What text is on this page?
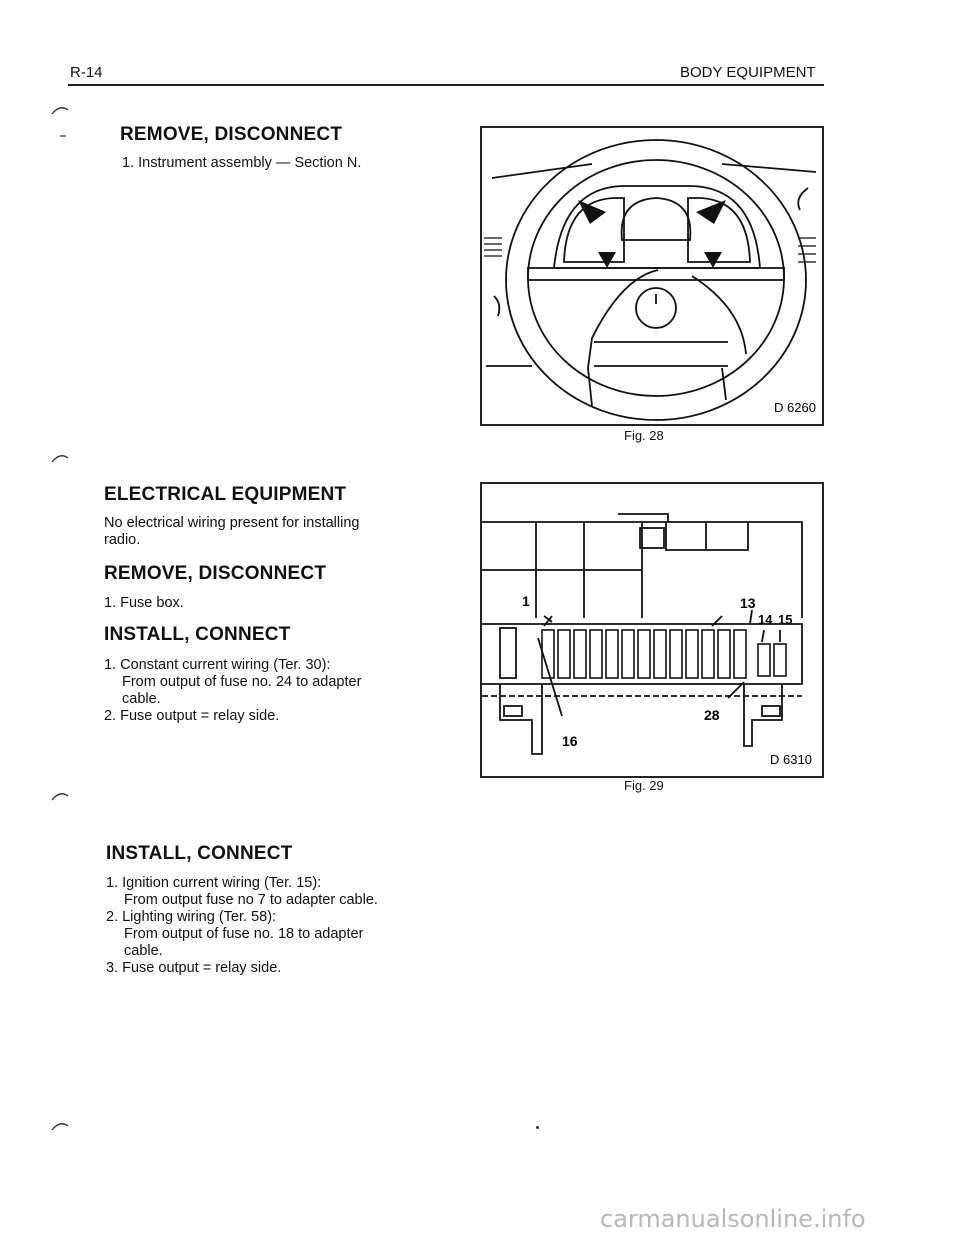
R-14	BODY EQUIPMENT
REMOVE, DISCONNECT
1. Instrument assembly — Section N.
D 6260
Fig. 28
ELECTRICAL EQUIPMENT
No electrical wiring present for installing
radio.
REMOVE, DISCONNECT
1. Fuse box.
INSTALL, CONNECT
1. Constant current wiring (Ter. 30):
From output of fuse no. 24 to adapter
cable.
2. Fuse output = relay side.
1	13
14 15
16
28
D 6310
Fig. 29
INSTALL, CONNECT
1. Ignition current wiring (Ter. 15):
From output fuse no 7 to adapter cable.
2. Lighting wiring (Ter. 58):
From output of fuse no. 18 to adapter
cable.
3. Fuse output = relay side.
carmanualsonline.info
